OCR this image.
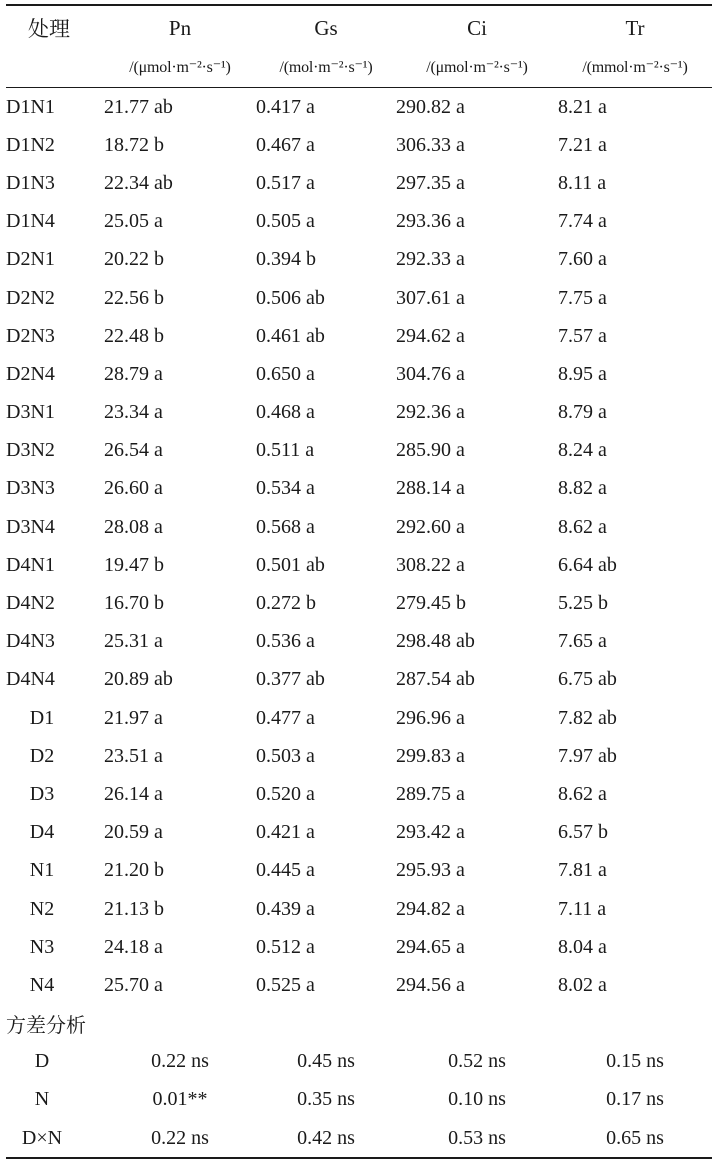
处理	Pn	Gs	Ci	Tr
	/(μmol·m⁻²·s⁻¹)	/(mol·m⁻²·s⁻¹)	/(μmol·m⁻²·s⁻¹)	/(mmol·m⁻²·s⁻¹)
D1N1	21.77 ab	0.417 a	290.82 a	8.21 a
D1N2	18.72 b	0.467 a	306.33 a	7.21 a
D1N3	22.34 ab	0.517 a	297.35 a	8.11 a
D1N4	25.05 a	0.505 a	293.36 a	7.74 a
D2N1	20.22 b	0.394 b	292.33 a	7.60 a
D2N2	22.56 b	0.506 ab	307.61 a	7.75 a
D2N3	22.48 b	0.461 ab	294.62 a	7.57 a
D2N4	28.79 a	0.650 a	304.76 a	8.95 a
D3N1	23.34 a	0.468 a	292.36 a	8.79 a
D3N2	26.54 a	0.511 a	285.90 a	8.24 a
D3N3	26.60 a	0.534 a	288.14 a	8.82 a
D3N4	28.08 a	0.568 a	292.60 a	8.62 a
D4N1	19.47 b	0.501 ab	308.22 a	6.64 ab
D4N2	16.70 b	0.272 b	279.45 b	5.25 b
D4N3	25.31 a	0.536 a	298.48 ab	7.65 a
D4N4	20.89 ab	0.377 ab	287.54 ab	6.75 ab
D1	21.97 a	0.477 a	296.96 a	7.82 ab
D2	23.51 a	0.503 a	299.83 a	7.97 ab
D3	26.14 a	0.520 a	289.75 a	8.62 a
D4	20.59 a	0.421 a	293.42 a	6.57 b
N1	21.20 b	0.445 a	295.93 a	7.81 a
N2	21.13 b	0.439 a	294.82 a	7.11 a
N3	24.18 a	0.512 a	294.65 a	8.04 a
N4	25.70 a	0.525 a	294.56 a	8.02 a
方差分析				
D	0.22 ns	0.45 ns	0.52 ns	0.15 ns
N	0.01**	0.35 ns	0.10 ns	0.17 ns
D×N	0.22 ns	0.42 ns	0.53 ns	0.65 ns
